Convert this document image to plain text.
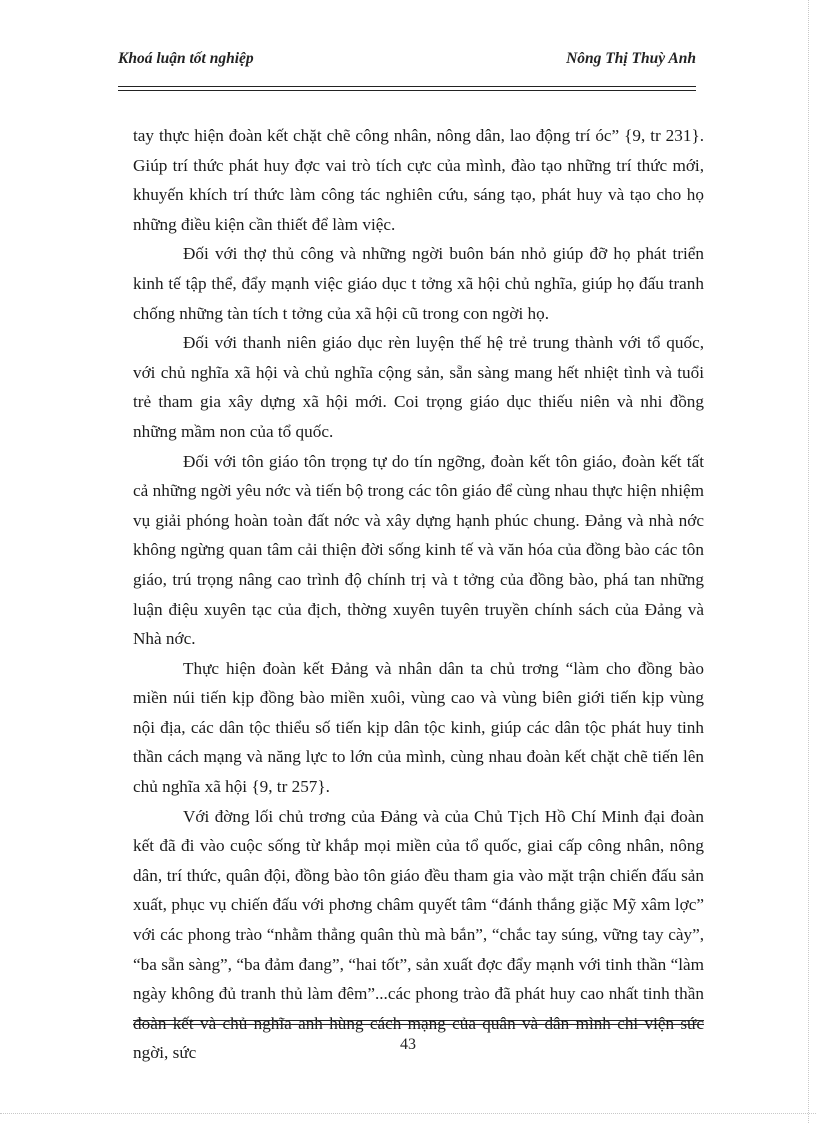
Khoá luận tốt nghiệp	Nông Thị Thuỳ Anh

tay thực hiện đoàn kết chặt chẽ công nhân, nông dân, lao động trí óc” {9, tr 231}. Giúp trí thức phát huy đợc vai trò tích cực của mình, đào tạo những trí thức mới, khuyến khích trí thức làm công tác nghiên cứu, sáng tạo, phát huy và tạo cho họ những điều kiện cần thiết để làm việc.

Đối với thợ thủ công và những ngời buôn bán nhỏ giúp đỡ họ phát triển kinh tế tập thể, đẩy mạnh việc giáo dục t tởng xã hội chủ nghĩa, giúp họ đấu tranh chống những tàn tích t tởng của xã hội cũ trong con ngời họ.

Đối với thanh niên giáo dục rèn luyện thế hệ trẻ trung thành với tổ quốc, với chủ nghĩa xã hội và chủ nghĩa cộng sản, sẵn sàng mang hết nhiệt tình và tuổi trẻ tham gia xây dựng xã hội mới. Coi trọng giáo dục thiếu niên và nhi đồng những mầm non của tổ quốc.

Đối với tôn giáo tôn trọng tự do tín ngỡng, đoàn kết tôn giáo, đoàn kết tất cả những ngời yêu nớc và tiến bộ trong các tôn giáo để cùng nhau thực hiện nhiệm vụ giải phóng hoàn toàn đất nớc và xây dựng hạnh phúc chung. Đảng và nhà nớc không ngừng quan tâm cải thiện đời sống kinh tế và văn hóa của đồng bào các tôn giáo, trú trọng nâng cao trình độ chính trị và t tởng của đồng bào, phá tan những luận điệu xuyên tạc của địch, thờng xuyên tuyên truyền chính sách của Đảng và Nhà nớc.

Thực hiện đoàn kết Đảng và nhân dân ta chủ trơng “làm cho đồng bào miền núi tiến kịp đồng bào miền xuôi, vùng cao và vùng biên giới tiến kịp vùng nội địa, các dân tộc thiểu số tiến kịp dân tộc kinh, giúp các dân tộc phát huy tinh thần cách mạng và năng lực to lớn của mình, cùng nhau đoàn kết chặt chẽ tiến lên chủ nghĩa xã hội {9, tr 257}.

Với đờng lối chủ trơng của Đảng và của Chủ Tịch Hồ Chí Minh đại đoàn kết đã đi vào cuộc sống từ khắp mọi miền của tổ quốc, giai cấp công nhân, nông dân, trí thức, quân đội, đồng bào tôn giáo đều tham gia vào mặt trận chiến đấu sản xuất, phục vụ chiến đấu với phơng châm quyết tâm “đánh thắng giặc Mỹ xâm lợc” với các phong trào “nhằm thẳng quân thù mà bắn”, “chắc tay súng, vững tay cày”, “ba sẵn sàng”, “ba đảm đang”, “hai tốt”, sản xuất đợc đẩy mạnh với tinh thần “làm ngày không đủ tranh thủ làm đêm”...các phong trào đã phát huy cao nhất tinh thần đoàn kết và chủ nghĩa anh hùng cách mạng của quân và dân mình chi viện sức ngời, sức	43
